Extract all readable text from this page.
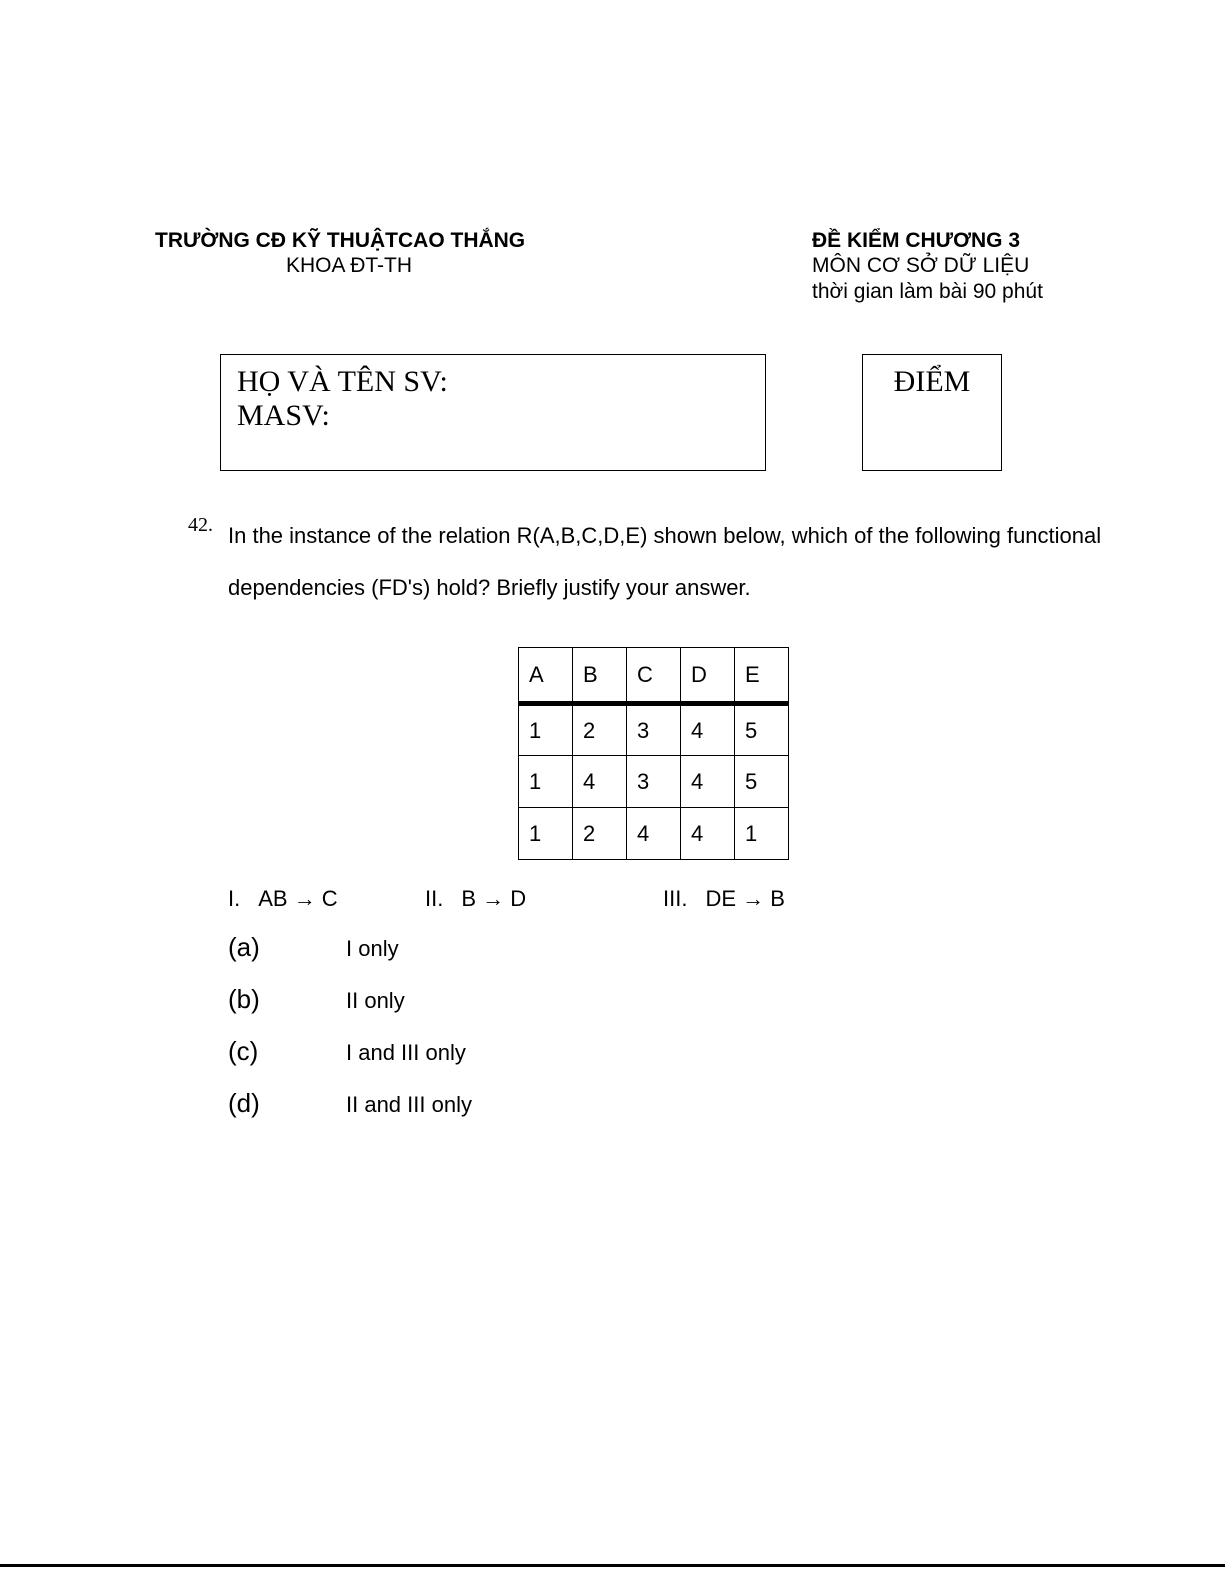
TRƯỜNG CĐ KỸ THUẬTCAO THẮNG
KHOA ĐT-TH
ĐỀ KIỂM CHƯƠNG 3
MÔN CƠ SỞ DỮ LIỆU
thời gian làm bài 90 phút
HỌ VÀ TÊN SV:
MASV:
ĐIỂM
42. In the instance of the relation R(A,B,C,D,E) shown below, which of the following functional dependencies (FD's) hold? Briefly justify your answer.
A	B	C	D	E
1	2	3	4	5
1	4	3	4	5
1	2	4	4	1
I. AB → C	II. B → D	III. DE → B
(a)	I only
(b)	II only
(c)	I and III only
(d)	II and III only
